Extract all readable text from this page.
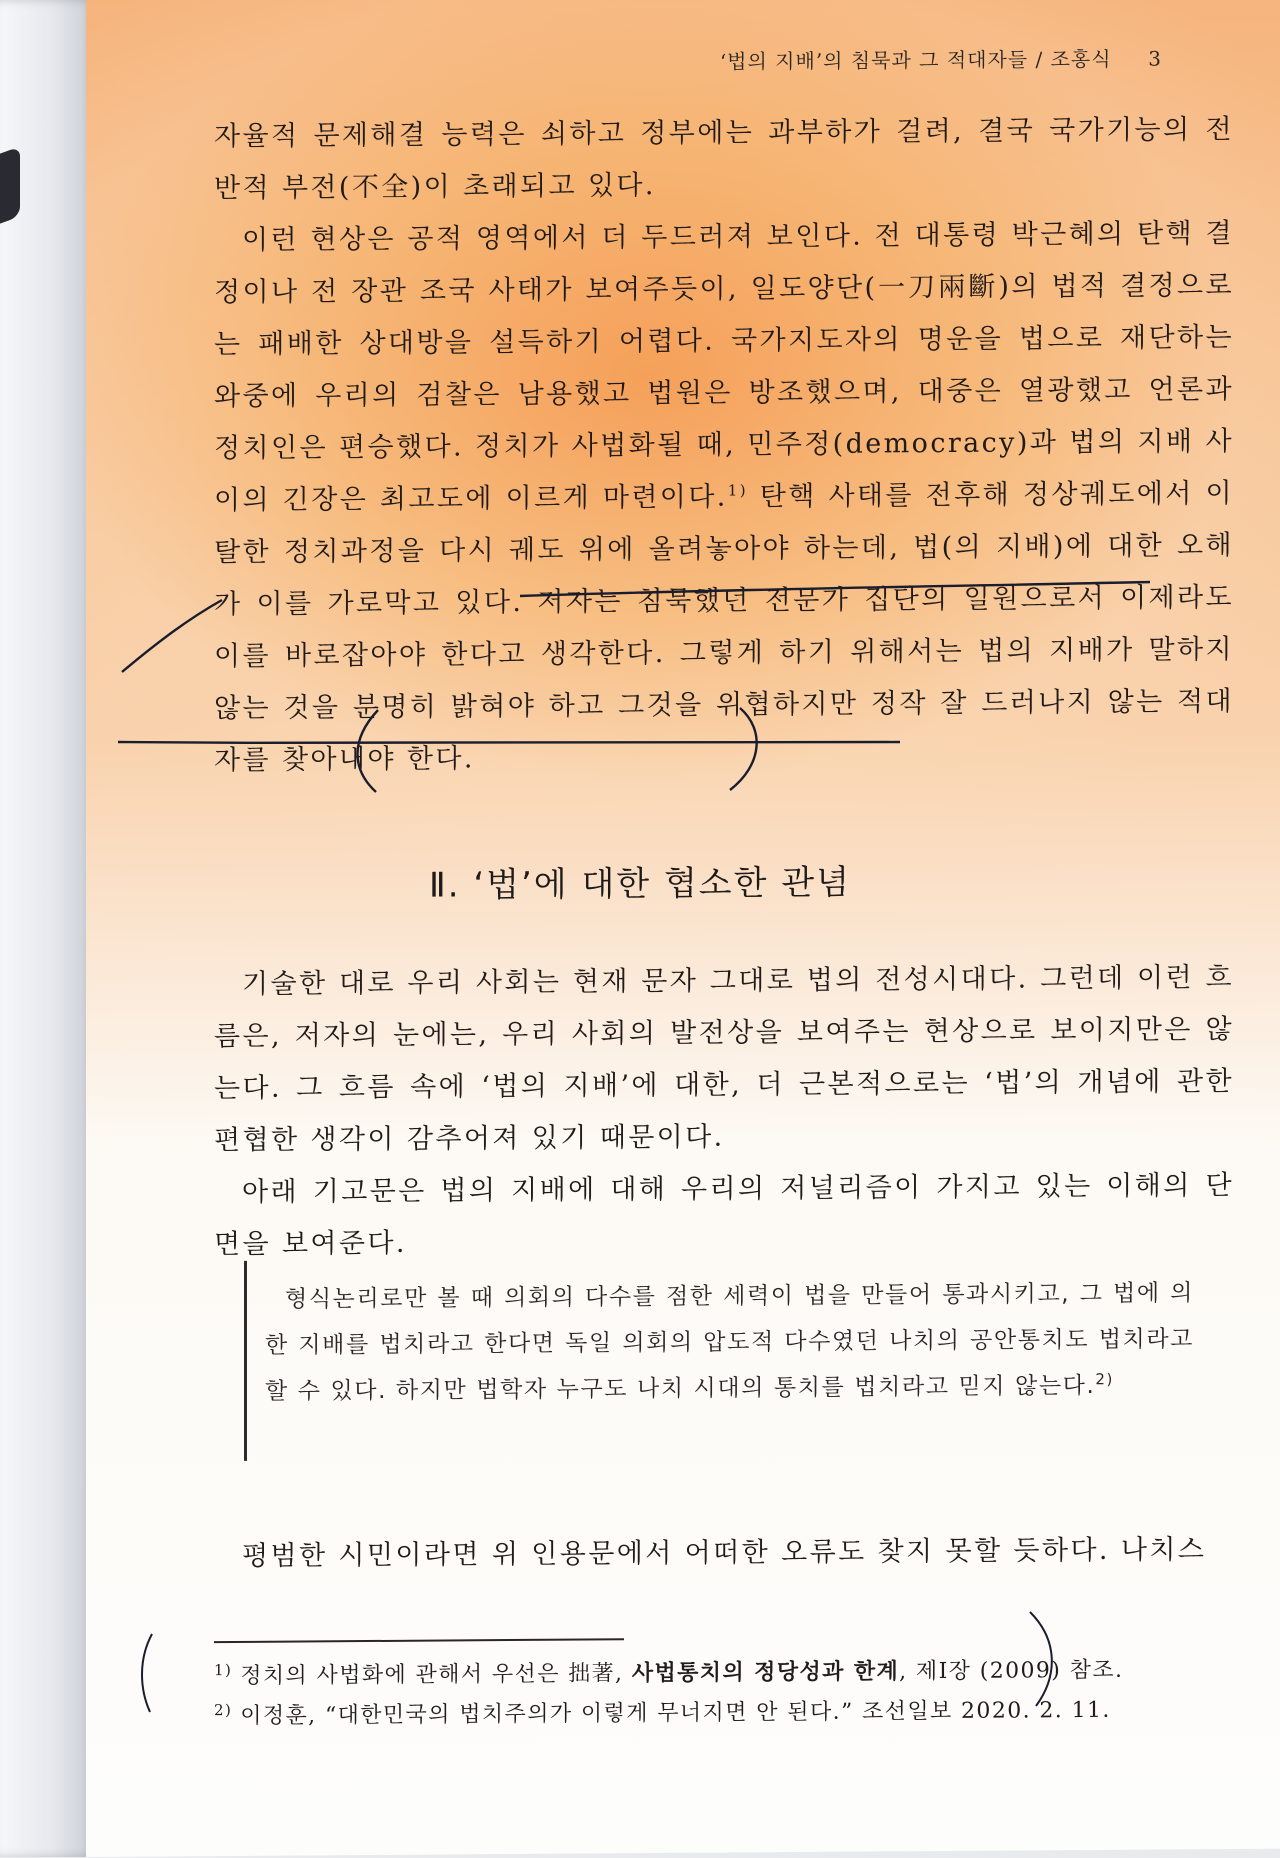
‘법의 지배’의 침묵과 그 적대자들 / 조홍식 3

자율적 문제해결 능력은 쇠하고 정부에는 과부하가 걸려, 결국 국가기능의 전반적 부전(不全)이 초래되고 있다.

이런 현상은 공적 영역에서 더 두드러져 보인다. 전 대통령 박근혜의 탄핵 결정이나 전 장관 조국 사태가 보여주듯이, 일도양단(一刀兩斷)의 법적 결정으로는 패배한 상대방을 설득하기 어렵다. 국가지도자의 명운을 법으로 재단하는 와중에 우리의 검찰은 남용했고 법원은 방조했으며, 대중은 열광했고 언론과 정치인은 편승했다. 정치가 사법화될 때, 민주정(democracy)과 법의 지배 사이의 긴장은 최고도에 이르게 마련이다.$^{1)}$ 탄핵 사태를 전후해 정상궤도에서 이탈한 정치과정을 다시 궤도 위에 올려놓아야 하는데, 법(의 지배)에 대한 오해가 이를 가로막고 있다. 저자는 침묵했던 전문가 집단의 일원으로서 이제라도 이를 바로잡아야 한다고 생각한다. 그렇게 하기 위해서는 법의 지배가 말하지 않는 것을 분명히 밝혀야 하고 그것을 위협하지만 정작 잘 드러나지 않는 적대자를 찾아내야 한다.

Ⅱ. ‘법’에 대한 협소한 관념

기술한 대로 우리 사회는 현재 문자 그대로 법의 전성시대다. 그런데 이런 흐름은, 저자의 눈에는, 우리 사회의 발전상을 보여주는 현상으로 보이지만은 않는다. 그 흐름 속에 ‘법의 지배’에 대한, 더 근본적으로는 ‘법’의 개념에 관한 편협한 생각이 감추어져 있기 때문이다.

아래 기고문은 법의 지배에 대해 우리의 저널리즘이 가지고 있는 이해의 단면을 보여준다.

형식논리로만 볼 때 의회의 다수를 점한 세력이 법을 만들어 통과시키고, 그 법에 의한 지배를 법치라고 한다면 독일 의회의 압도적 다수였던 나치의 공안통치도 법치라고 할 수 있다. 하지만 법학자 누구도 나치 시대의 통치를 법치라고 믿지 않는다.$^{2)}$

평범한 시민이라면 위 인용문에서 어떠한 오류도 찾지 못할 듯하다. 나치스

$^{1)}$ 정치의 사법화에 관해서 우선은 拙著, 사법통치의 정당성과 한계, 제I장 (2009) 참조.
$^{2)}$ 이정훈, “대한민국의 법치주의가 이렇게 무너지면 안 된다.” 조선일보 2020. 2. 11.
